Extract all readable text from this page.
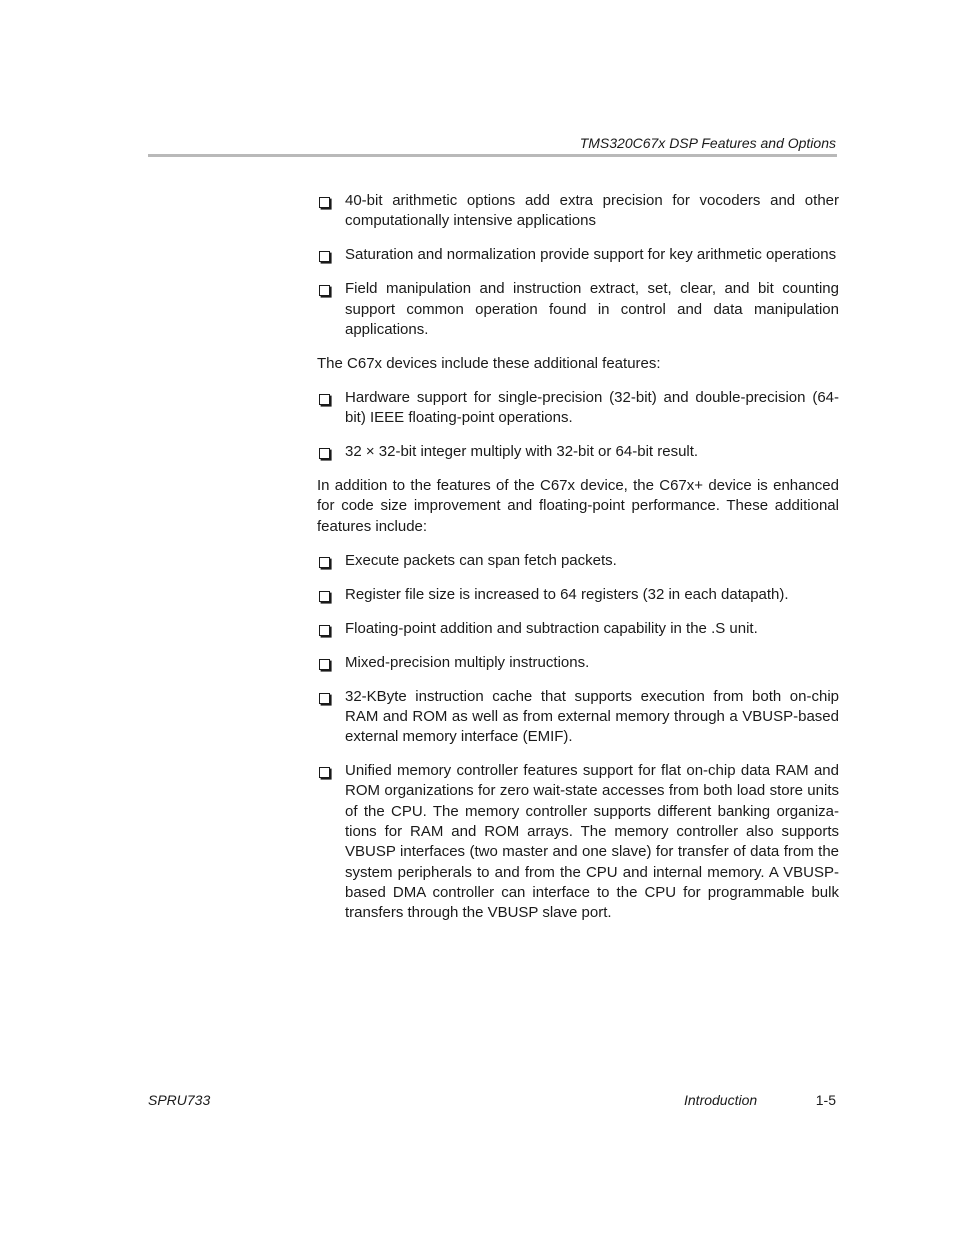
TMS320C67x DSP Features and Options
40-bit arithmetic options add extra precision for vocoders and other computationally intensive applications
Saturation and normalization provide support for key arithmetic operations
Field manipulation and instruction extract, set, clear, and bit counting support common operation found in control and data manipulation applications.

The C67x devices include these additional features:

Hardware support for single-precision (32-bit) and double-precision (64-bit) IEEE floating-point operations.
32 × 32-bit integer multiply with 32-bit or 64-bit result.

In addition to the features of the C67x device, the C67x+ device is enhanced for code size improvement and floating-point performance. These additional features include:

Execute packets can span fetch packets.
Register file size is increased to 64 registers (32 in each datapath).
Floating-point addition and subtraction capability in the .S unit.
Mixed-precision multiply instructions.
32-KByte instruction cache that supports execution from both on-chip RAM and ROM as well as from external memory through a VBUSP-based external memory interface (EMIF).
Unified memory controller features support for flat on-chip data RAM and ROM organizations for zero wait-state accesses from both load store units of the CPU. The memory controller supports different banking organiza-tions for RAM and ROM arrays. The memory controller also supports VBUSP interfaces (two master and one slave) for transfer of data from the system peripherals to and from the CPU and internal memory. A VBUSP-based DMA controller can interface to the CPU for programmable bulk transfers through the VBUSP slave port.
SPRU733	Introduction	1-5
